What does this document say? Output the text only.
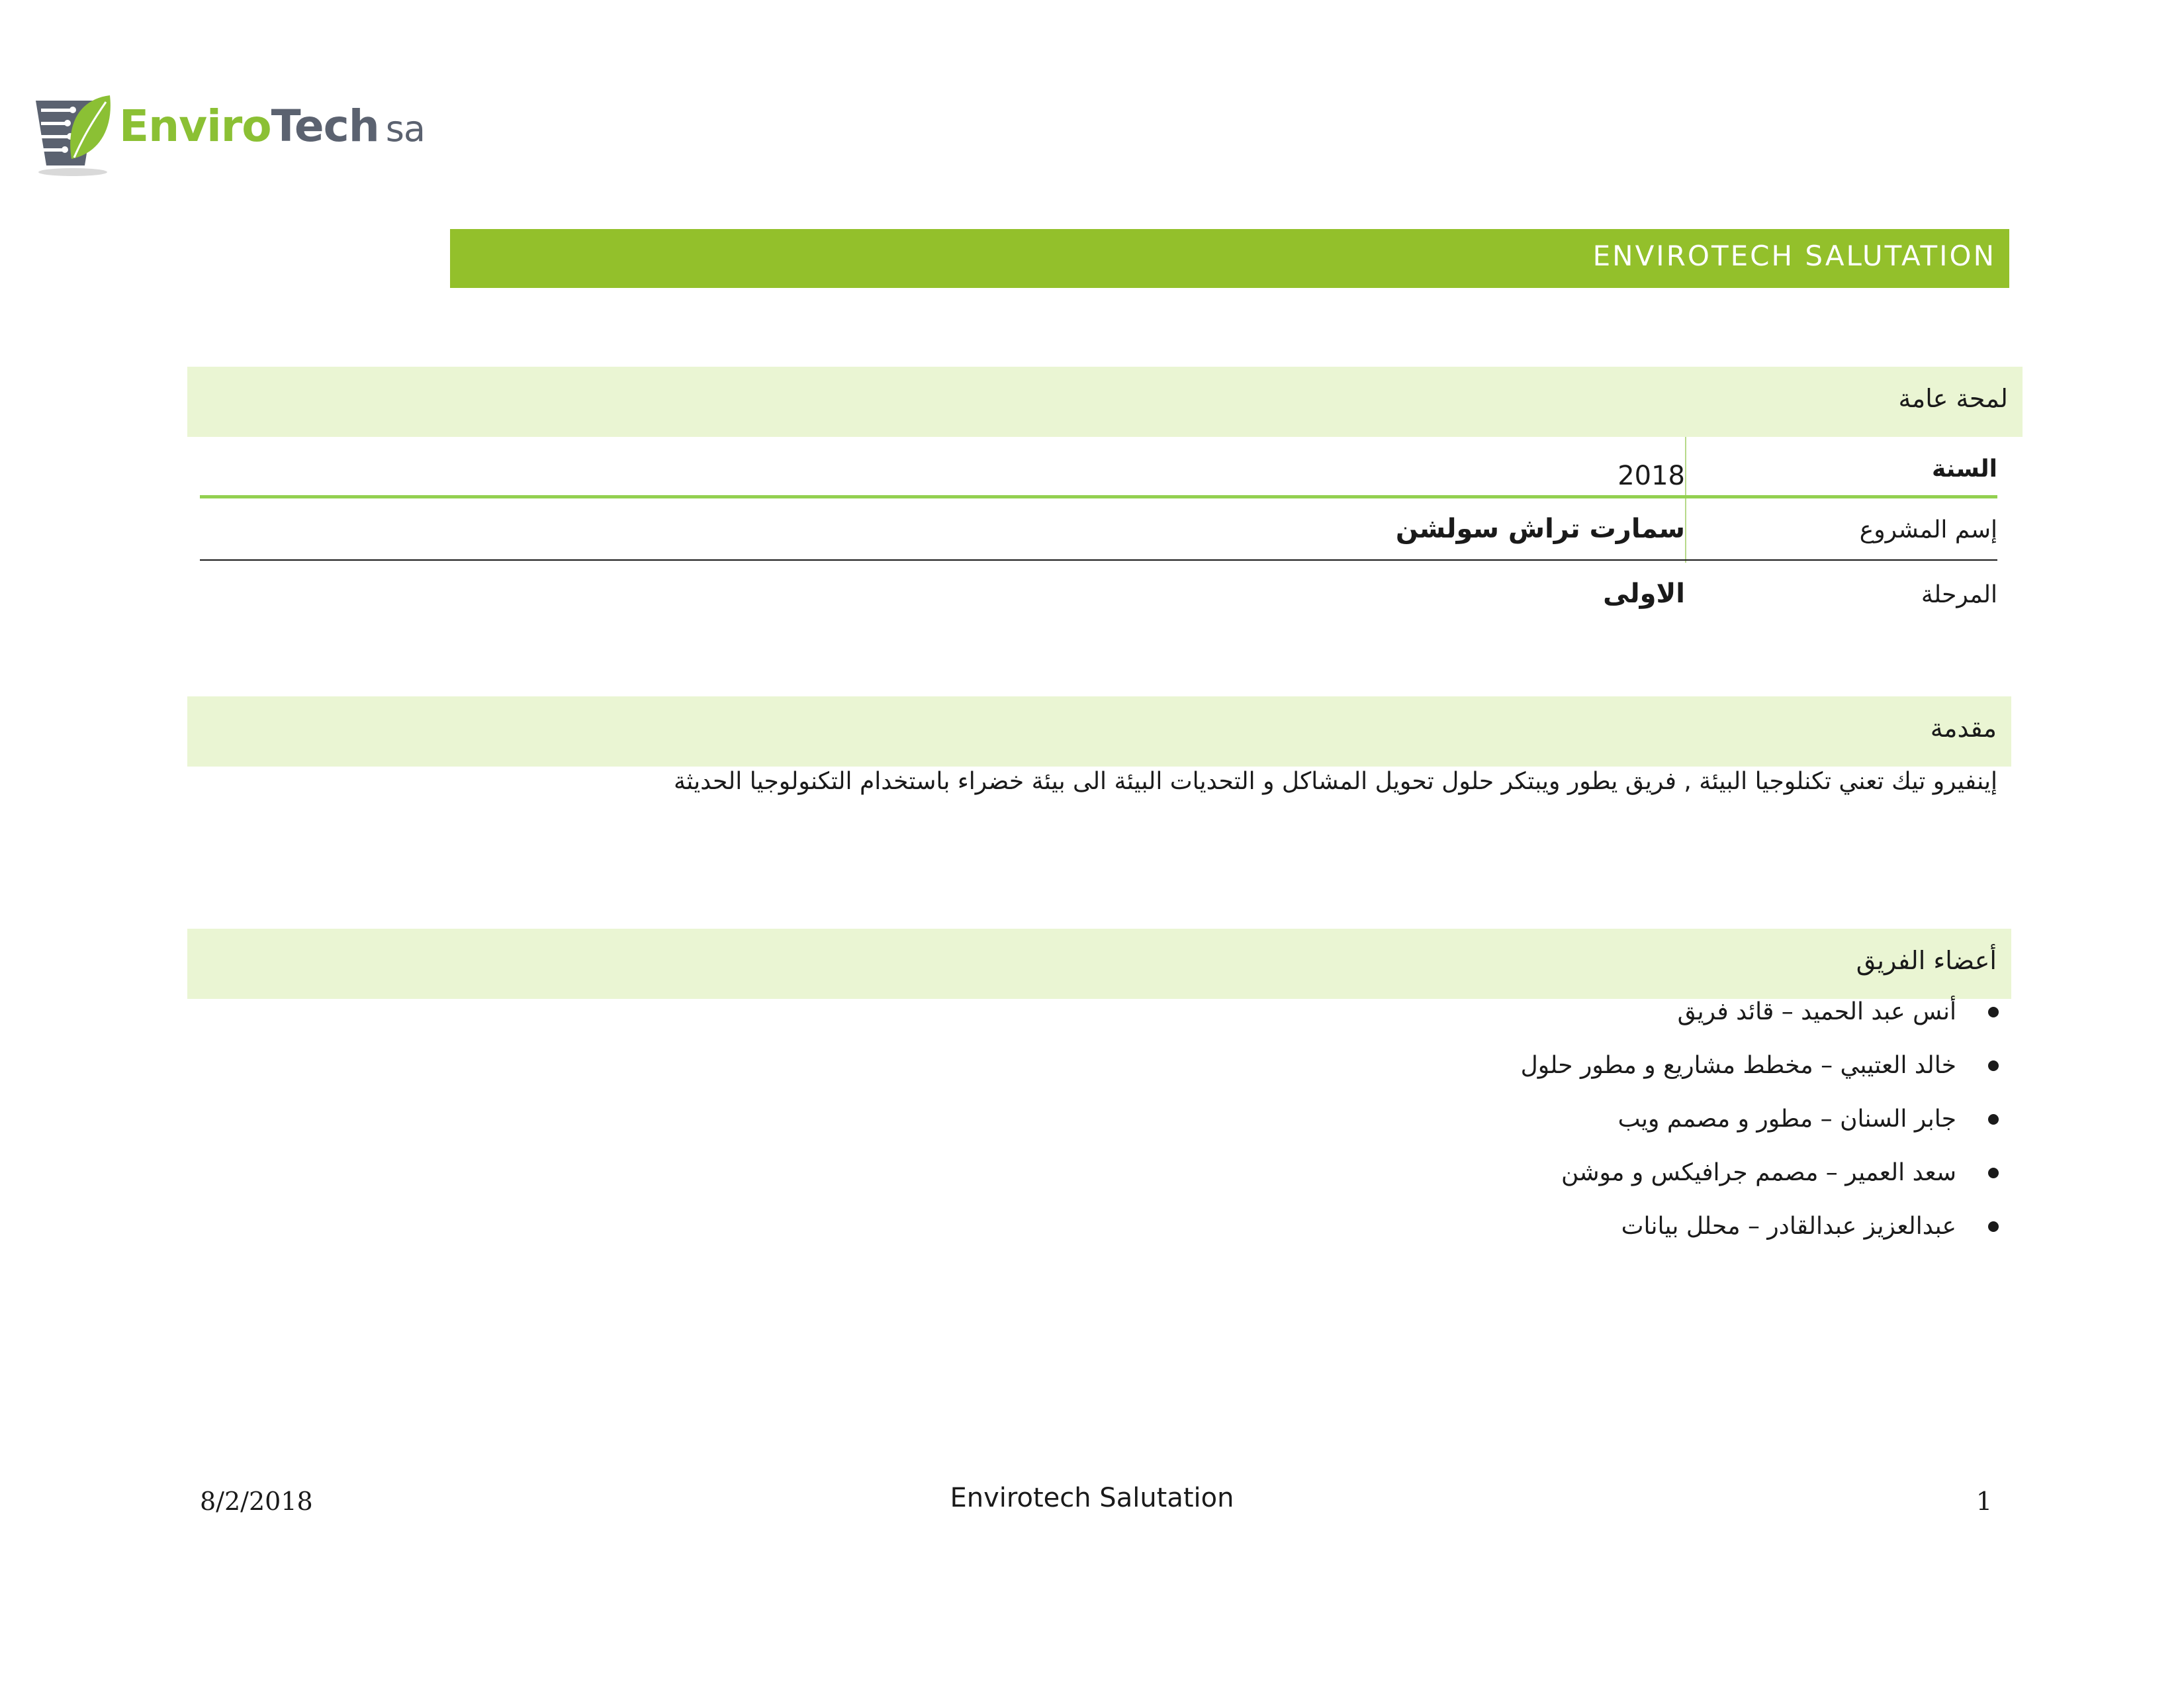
EnviroTech sa
ENVIROTECH SALUTATION
لمحة عامة
السنة
2018
إسم المشروع
سمارت تراش سولشن
المرحلة
الاولى
مقدمة
إينفيرو تيك تعني تكنلوجيا البيئة , فريق يطور ويبتكر حلول تحويل المشاكل و التحديات البيئة الى بيئة خضراء باستخدام التكنولوجيا الحديثة
أعضاء الفريق
أنس عبد الحميد – قائد فريق
خالد العتيبي – مخطط مشاريع و مطور حلول
جابر السنان – مطور و مصمم ويب
سعد العمير – مصمم جرافيكس و موشن
عبدالعزيز عبدالقادر – محلل بيانات
8/2/2018	Envirotech Salutation	1
